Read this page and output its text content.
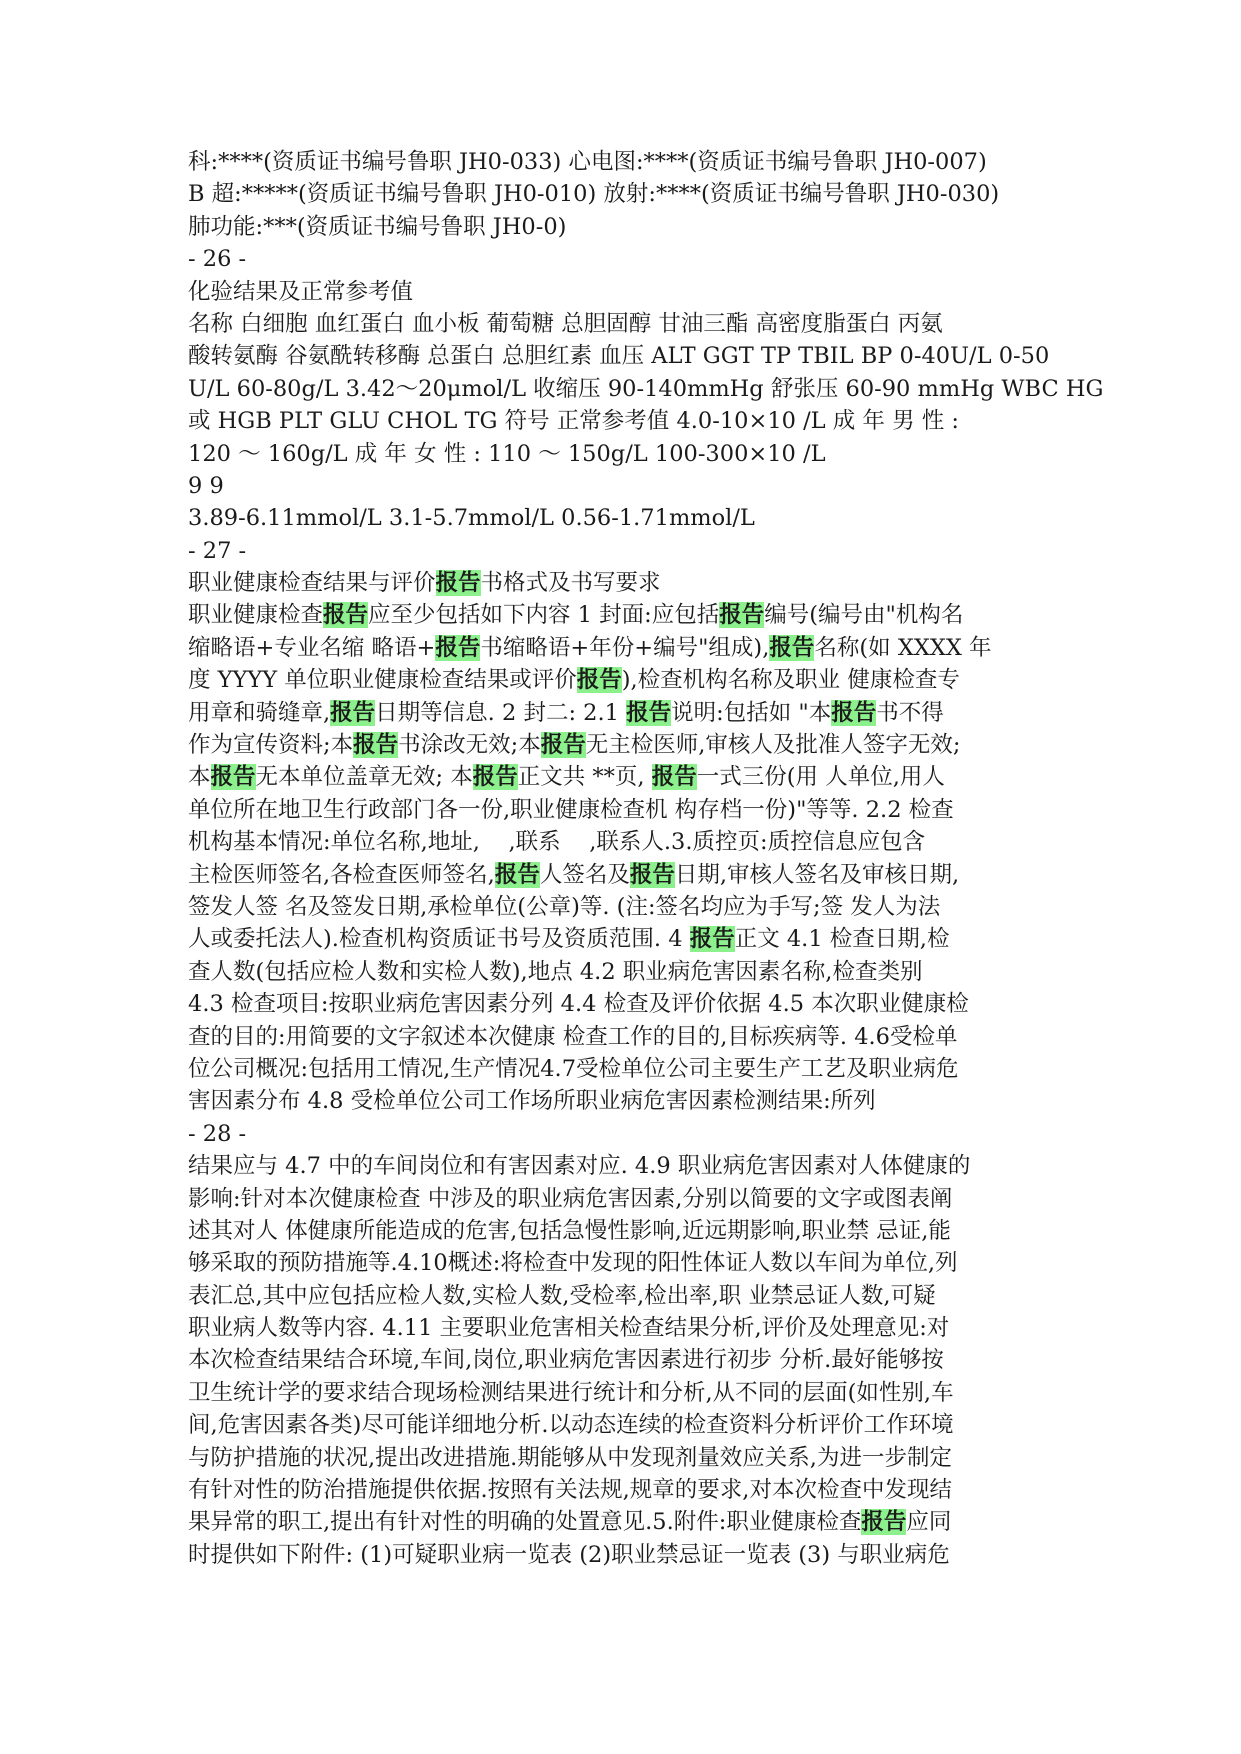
科:****(资质证书编号鲁职 JH0-033) 心电图:****(资质证书编号鲁职 JH0-007)
B 超:*****(资质证书编号鲁职 JH0-010) 放射:****(资质证书编号鲁职 JH0-030)
肺功能:***(资质证书编号鲁职 JH0-0)
- 26 -
化验结果及正常参考值
名称 白细胞 血红蛋白 血小板 葡萄糖 总胆固醇 甘油三酯 高密度脂蛋白 丙氨
酸转氨酶 谷氨酰转移酶 总蛋白 总胆红素 血压 ALT GGT TP TBIL BP 0-40U/L 0-50
U/L 60-80g/L 3.42～20μmol/L 收缩压 90-140mmHg 舒张压 60-90 mmHg WBC HG
或 HGB PLT GLU CHOL TG 符号 正常参考值 4.0-10×10 /L 成 年 男 性 :
120 ～ 160g/L 成 年 女 性 : 110 ～ 150g/L 100-300×10 /L
9 9
3.89-6.11mmol/L 3.1-5.7mmol/L 0.56-1.71mmol/L
- 27 -
职业健康检查结果与评价报告书格式及书写要求
职业健康检查报告应至少包括如下内容 1 封面:应包括报告编号(编号由"机构名
缩略语+专业名缩 略语+报告书缩略语+年份+编号"组成),报告名称(如 XXXX 年
度 YYYY 单位职业健康检查结果或评价报告),检查机构名称及职业 健康检查专
用章和骑缝章,报告日期等信息. 2 封二: 2.1 报告说明:包括如 "本报告书不得
作为宣传资料;本报告书涂改无效;本报告无主检医师,审核人及批准人签字无效;
本报告无本单位盖章无效; 本报告正文共 **页, 报告一式三份(用 人单位,用人
单位所在地卫生行政部门各一份,职业健康检查机 构存档一份)"等等. 2.2 检查
机构基本情况:单位名称,地址,    ,联系    ,联系人.3.质控页:质控信息应包含
主检医师签名,各检查医师签名,报告人签名及报告日期,审核人签名及审核日期,
签发人签 名及签发日期,承检单位(公章)等. (注:签名均应为手写;签 发人为法
人或委托法人).检查机构资质证书号及资质范围. 4 报告正文 4.1 检查日期,检
查人数(包括应检人数和实检人数),地点 4.2 职业病危害因素名称,检查类别
4.3 检查项目:按职业病危害因素分列 4.4 检查及评价依据 4.5 本次职业健康检
查的目的:用简要的文字叙述本次健康 检查工作的目的,目标疾病等. 4.6受检单
位公司概况:包括用工情况,生产情况4.7受检单位公司主要生产工艺及职业病危
害因素分布 4.8 受检单位公司工作场所职业病危害因素检测结果:所列
- 28 -
结果应与 4.7 中的车间岗位和有害因素对应. 4.9 职业病危害因素对人体健康的
影响:针对本次健康检查 中涉及的职业病危害因素,分别以简要的文字或图表阐
述其对人 体健康所能造成的危害,包括急慢性影响,近远期影响,职业禁 忌证,能
够采取的预防措施等.4.10概述:将检查中发现的阳性体证人数以车间为单位,列
表汇总,其中应包括应检人数,实检人数,受检率,检出率,职 业禁忌证人数,可疑
职业病人数等内容. 4.11 主要职业危害相关检查结果分析,评价及处理意见:对
本次检查结果结合环境,车间,岗位,职业病危害因素进行初步 分析.最好能够按
卫生统计学的要求结合现场检测结果进行统计和分析,从不同的层面(如性别,车
间,危害因素各类)尽可能详细地分析.以动态连续的检查资料分析评价工作环境
与防护措施的状况,提出改进措施.期能够从中发现剂量效应关系,为进一步制定
有针对性的防治措施提供依据.按照有关法规,规章的要求,对本次检查中发现结
果异常的职工,提出有针对性的明确的处置意见.5.附件:职业健康检查报告应同
时提供如下附件: (1)可疑职业病一览表 (2)职业禁忌证一览表 (3) 与职业病危
